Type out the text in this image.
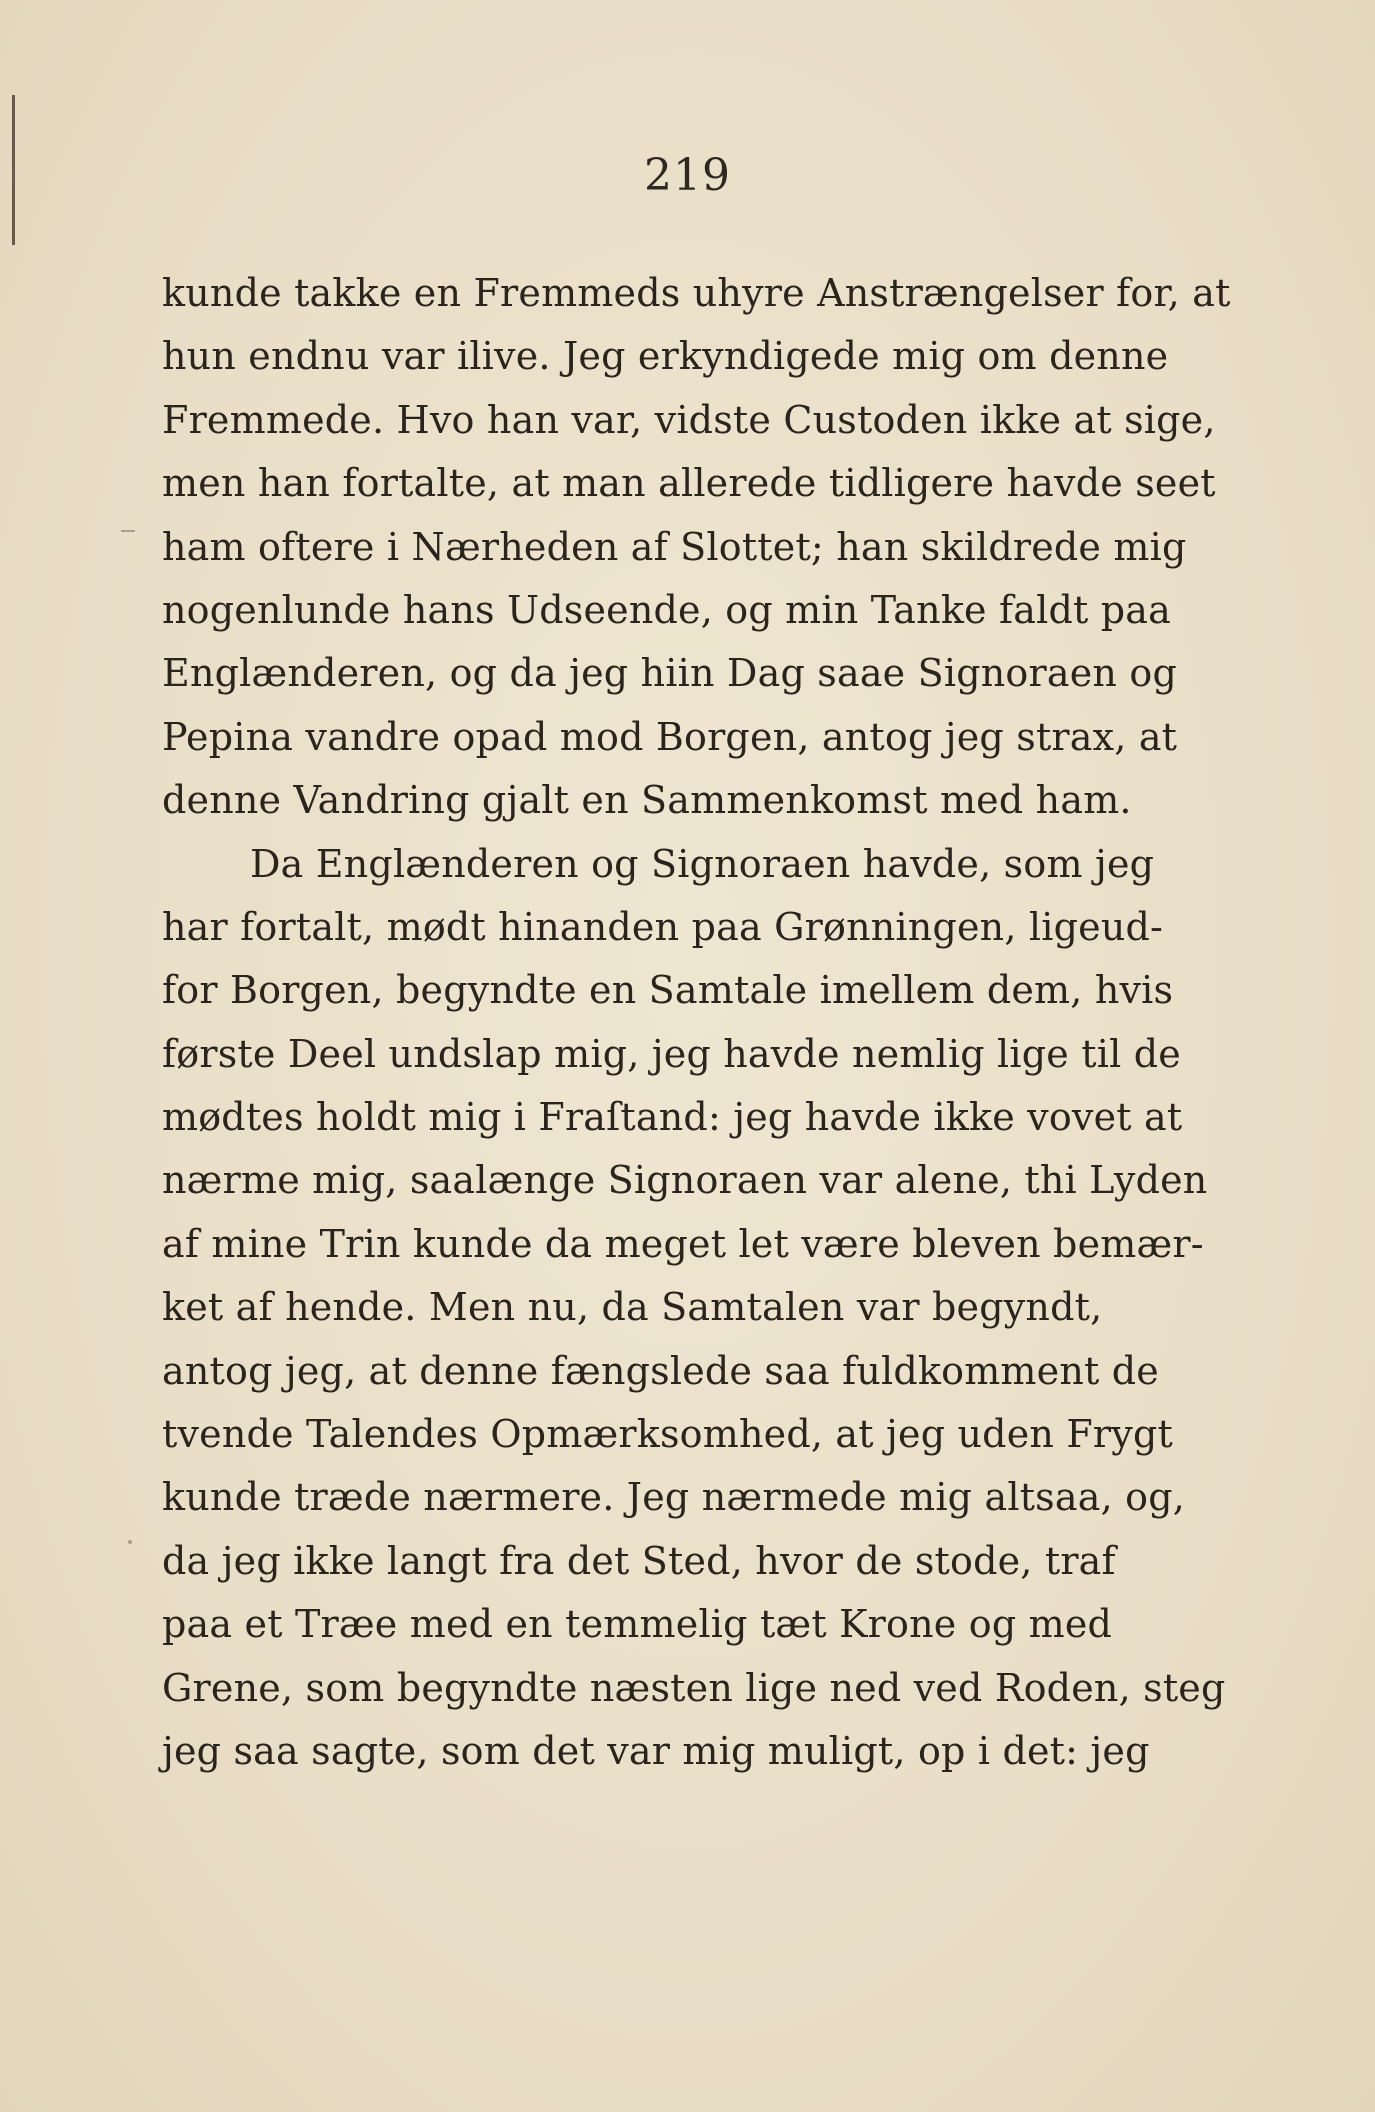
219
kunde takke en Fremmeds uhyre Anstrængelser for, at
hun endnu var ilive. Jeg erkyndigede mig om denne
Fremmede. Hvo han var, vidste Custoden ikke at sige,
men han fortalte, at man allerede tidligere havde seet
ham oftere i Nærheden af Slottet; han skildrede mig
nogenlunde hans Udseende, og min Tanke faldt paa
Englænderen, og da jeg hiin Dag saae Signoraen og
Pepina vandre opad mod Borgen, antog jeg strax, at
denne Vandring gjalt en Sammenkomst med ham.
Da Englænderen og Signoraen havde, som jeg
har fortalt, mødt hinanden paa Grønningen, ligeud-
for Borgen, begyndte en Samtale imellem dem, hvis
første Deel undslap mig, jeg havde nemlig lige til de
mødtes holdt mig i Fraſtand: jeg havde ikke vovet at
nærme mig, saalænge Signoraen var alene, thi Lyden
af mine Trin kunde da meget let være bleven bemær-
ket af hende. Men nu, da Samtalen var begyndt,
antog jeg, at denne fængslede saa fuldkomment de
tvende Talendes Opmærksomhed, at jeg uden Frygt
kunde træde nærmere. Jeg nærmede mig altsaa, og,
da jeg ikke langt fra det Sted, hvor de stode, traf
paa et Træe med en temmelig tæt Krone og med
Grene, som begyndte næsten lige ned ved Roden, steg
jeg saa sagte, som det var mig muligt, op i det: jeg
